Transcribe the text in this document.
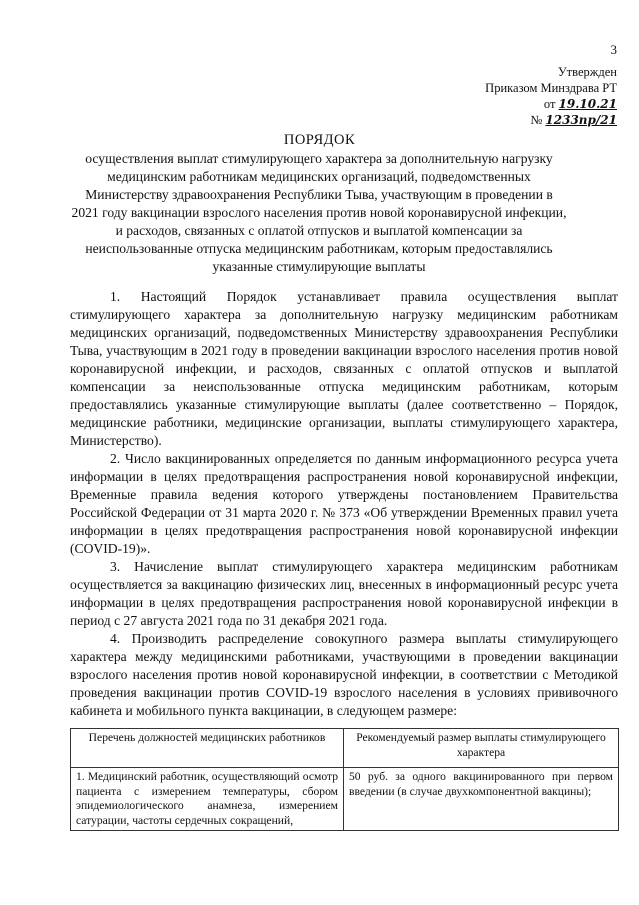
3
Утвержден
Приказом Минздрава РТ
от 19.10.21
№ 1233пр/21
ПОРЯДОК
осуществления выплат стимулирующего характера за дополнительную нагрузку медицинским работникам медицинских организаций, подведомственных Министерству здравоохранения Республики Тыва, участвующим в проведении в 2021 году вакцинации взрослого населения против новой коронавирусной инфекции, и расходов, связанных с оплатой отпусков и выплатой компенсации за неиспользованные отпуска медицинским работникам, которым предоставлялись указанные стимулирующие выплаты

1. Настоящий Порядок устанавливает правила осуществления выплат стимулирующего характера за дополнительную нагрузку медицинским работникам медицинских организаций, подведомственных Министерству здравоохранения Республики Тыва, участвующим в 2021 году в проведении вакцинации взрослого населения против новой коронавирусной инфекции, и расходов, связанных с оплатой отпусков и выплатой компенсации за неиспользованные отпуска медицинским работникам, которым предоставлялись указанные стимулирующие выплаты (далее соответственно – Порядок, медицинские работники, медицинские организации, выплаты стимулирующего характера, Министерство).

2. Число вакцинированных определяется по данным информационного ресурса учета информации в целях предотвращения распространения новой коронавирусной инфекции, Временные правила ведения которого утверждены постановлением Правительства Российской Федерации от 31 марта 2020 г. № 373 «Об утверждении Временных правил учета информации в целях предотвращения распространения новой коронавирусной инфекции (COVID-19)».

3. Начисление выплат стимулирующего характера медицинским работникам осуществляется за вакцинацию физических лиц, внесенных в информационный ресурс учета информации в целях предотвращения распространения новой коронавирусной инфекции в период с 27 августа 2021 года по 31 декабря 2021 года.

4. Производить распределение совокупного размера выплаты стимулирующего характера между медицинскими работниками, участвующими в проведении вакцинации взрослого населения против новой коронавирусной инфекции, в соответствии с Методикой проведения вакцинации против COVID-19 взрослого населения в условиях прививочного кабинета и мобильного пункта вакцинации, в следующем размере:

Перечень должностей медицинских работников	Рекомендуемый размер выплаты стимулирующего характера
1. Медицинский работник, осуществляющий осмотр пациента с измерением температуры, сбором эпидемиологического анамнеза, измерением сатурации, частоты сердечных сокращений,	50 руб. за одного вакцинированного при первом введении (в случае двухкомпонентной вакцины);
